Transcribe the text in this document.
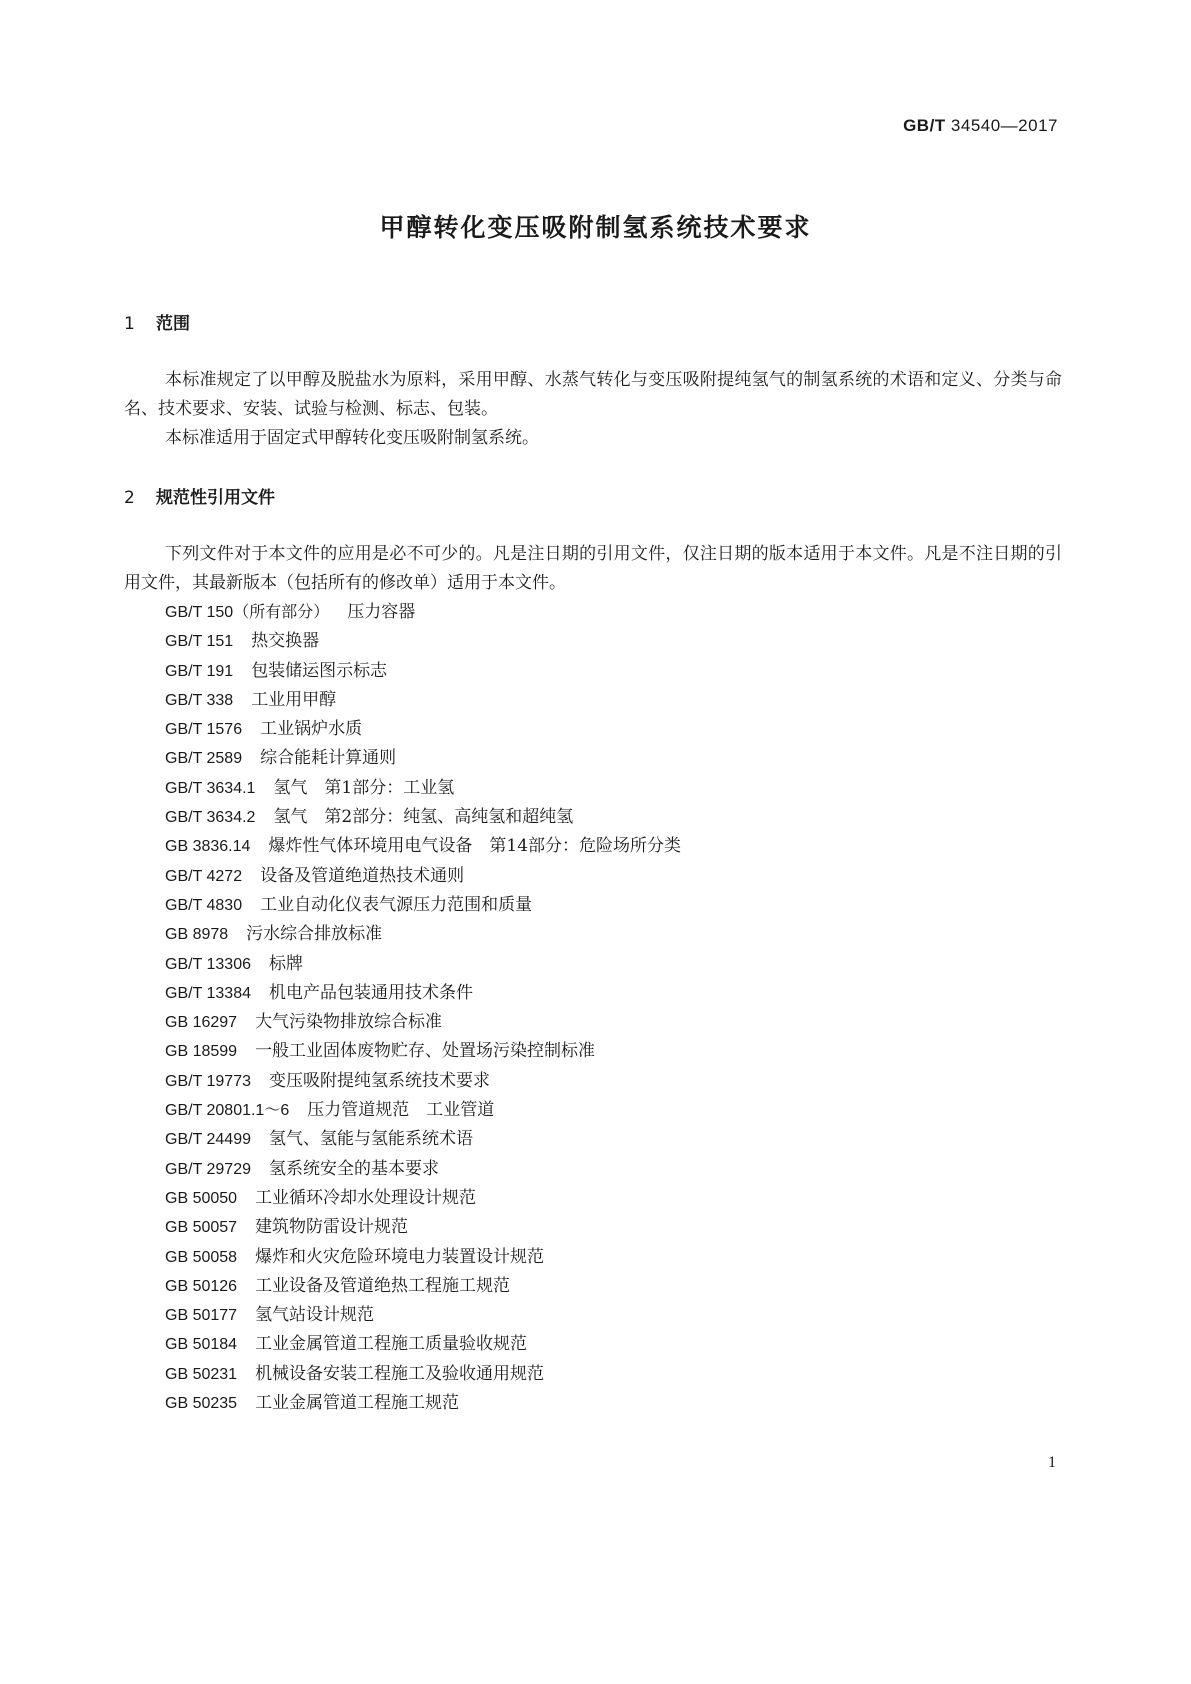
GB/T 34540—2017
甲醇转化变压吸附制氢系统技术要求
1 范围

本标准规定了以甲醇及脱盐水为原料，采用甲醇、水蒸气转化与变压吸附提纯氢气的制氢系统的术语和定义、分类与命名、技术要求、安装、试验与检测、标志、包装。

本标准适用于固定式甲醇转化变压吸附制氢系统。

2 规范性引用文件

下列文件对于本文件的应用是必不可少的。凡是注日期的引用文件，仅注日期的版本适用于本文件。凡是不注日期的引用文件，其最新版本（包括所有的修改单）适用于本文件。

GB/T 150（所有部分） 压力容器
GB/T 151 热交换器
GB/T 191 包装储运图示标志
GB/T 338 工业用甲醇
GB/T 1576 工业锅炉水质
GB/T 2589 综合能耗计算通则
GB/T 3634.1 氢气　第1部分：工业氢
GB/T 3634.2 氢气　第2部分：纯氢、高纯氢和超纯氢
GB 3836.14 爆炸性气体环境用电气设备　第14部分：危险场所分类
GB/T 4272 设备及管道绝道热技术通则
GB/T 4830 工业自动化仪表气源压力范围和质量
GB 8978 污水综合排放标准
GB/T 13306 标牌
GB/T 13384 机电产品包装通用技术条件
GB 16297 大气污染物排放综合标准
GB 18599 一般工业固体废物贮存、处置场污染控制标准
GB/T 19773 变压吸附提纯氢系统技术要求
GB/T 20801.1～6 压力管道规范　工业管道
GB/T 24499 氢气、氢能与氢能系统术语
GB/T 29729 氢系统安全的基本要求
GB 50050 工业循环冷却水处理设计规范
GB 50057 建筑物防雷设计规范
GB 50058 爆炸和火灾危险环境电力装置设计规范
GB 50126 工业设备及管道绝热工程施工规范
GB 50177 氢气站设计规范
GB 50184 工业金属管道工程施工质量验收规范
GB 50231 机械设备安装工程施工及验收通用规范
GB 50235 工业金属管道工程施工规范
1
